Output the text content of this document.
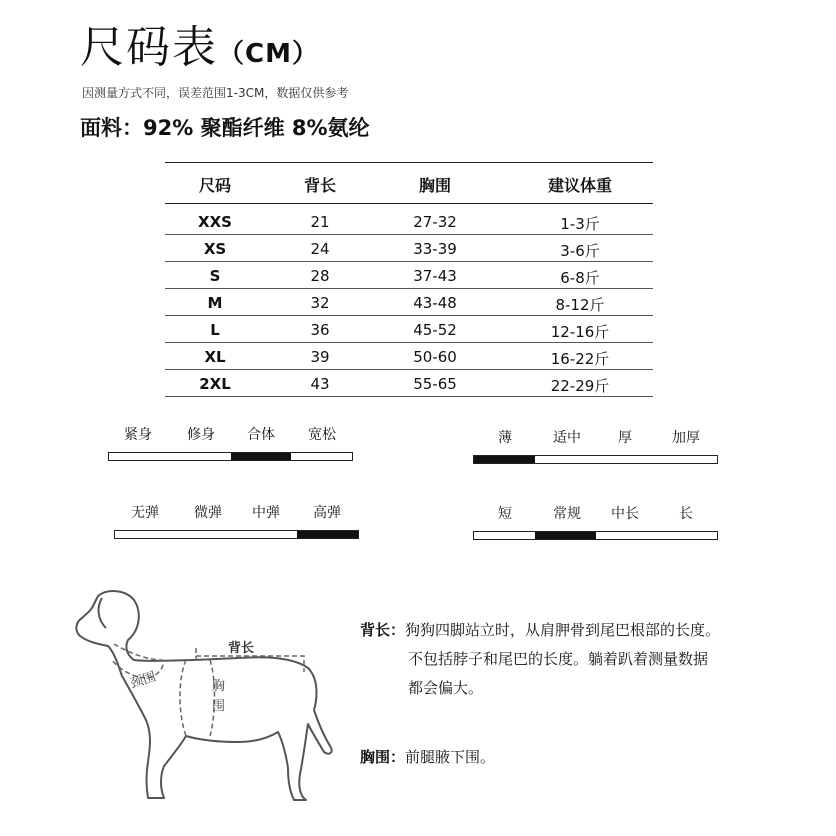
尺码表（CM）
因测量方式不同，误差范围1-3CM，数据仅供参考
面料：92% 聚酯纤维 8%氨纶
尺码	背长	胸围	建议体重
XXS	21	27-32	1-3斤
XS	24	33-39	3-6斤
S	28	37-43	6-8斤
M	32	43-48	8-12斤
L	36	45-52	12-16斤
XL	39	50-60	16-22斤
2XL	43	55-65	22-29斤
紧身	修身 合体 宽松	薄	适中	厚	加厚
无弹	微弹 中弹 高弹	短	常规 中长	长
颈围
背长
胸
围
背长：狗狗四脚站立时，从肩胛骨到尾巴根部的长度。
不包括脖子和尾巴的长度。躺着趴着测量数据
都会偏大。
胸围：前腿腋下围。
